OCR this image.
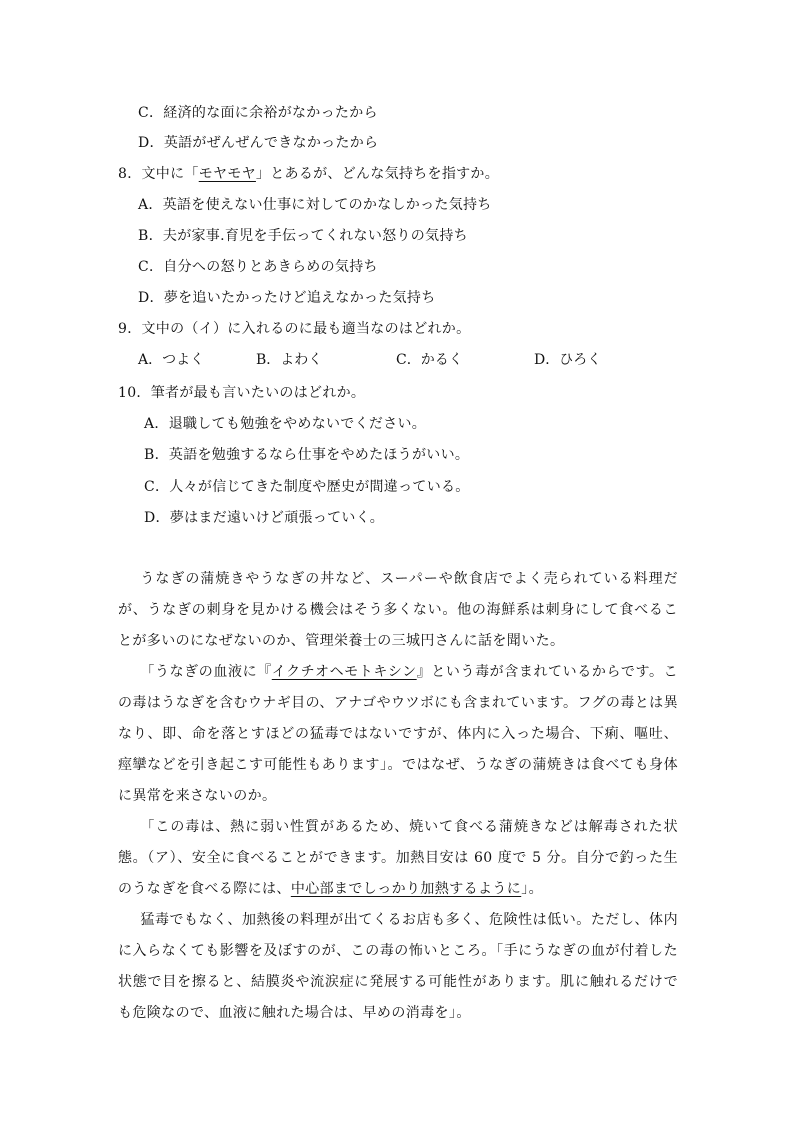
C．経済的な面に余裕がなかったから
D．英語がぜんぜんできなかったから
8．文中に「モヤモヤ」とあるが、どんな気持ちを指すか。
A．英語を使えない仕事に対してのかなしかった気持ち
B．夫が家事.育児を手伝ってくれない怒りの気持ち
C．自分への怒りとあきらめの気持ち
D．夢を追いたかったけど追えなかった気持ち
9．文中の（イ）に入れるのに最も適当なのはどれか。
A．つよく	B．よわく	C．かるく	D．ひろく
10．筆者が最も言いたいのはどれか。
A．退職しても勉強をやめないでください。
B．英語を勉強するなら仕事をやめたほうがいい。
C．人々が信じてきた制度や歴史が間違っている。
D．夢はまだ遠いけど頑張っていく。

うなぎの蒲焼きやうなぎの丼など、スーパーや飲食店でよく売られている料理だが、うなぎの刺身を見かける機会はそう多くない。他の海鮮系は刺身にして食べることが多いのになぜないのか、管理栄養士の三城円さんに話を聞いた。

「うなぎの血液に『イクチオヘモトキシン』という毒が含まれているからです。この毒はうなぎを含むウナギ目の、アナゴやウツボにも含まれています。フグの毒とは異なり、即、命を落とすほどの猛毒ではないですが、体内に入った場合、下痢、嘔吐、痙攣などを引き起こす可能性もあります」。ではなぜ、うなぎの蒲焼きは食べても身体に異常を来さないのか。

「この毒は、熱に弱い性質があるため、焼いて食べる蒲焼きなどは解毒された状態。（ア）、安全に食べることができます。加熱目安は 60 度で 5 分。自分で釣った生のうなぎを食べる際には、中心部までしっかり加熱するように」。

猛毒でもなく、加熱後の料理が出てくるお店も多く、危険性は低い。ただし、体内に入らなくても影響を及ぼすのが、この毒の怖いところ。「手にうなぎの血が付着した状態で目を擦ると、結膜炎や流涙症に発展する可能性があります。肌に触れるだけでも危険なので、血液に触れた場合は、早めの消毒を」。
